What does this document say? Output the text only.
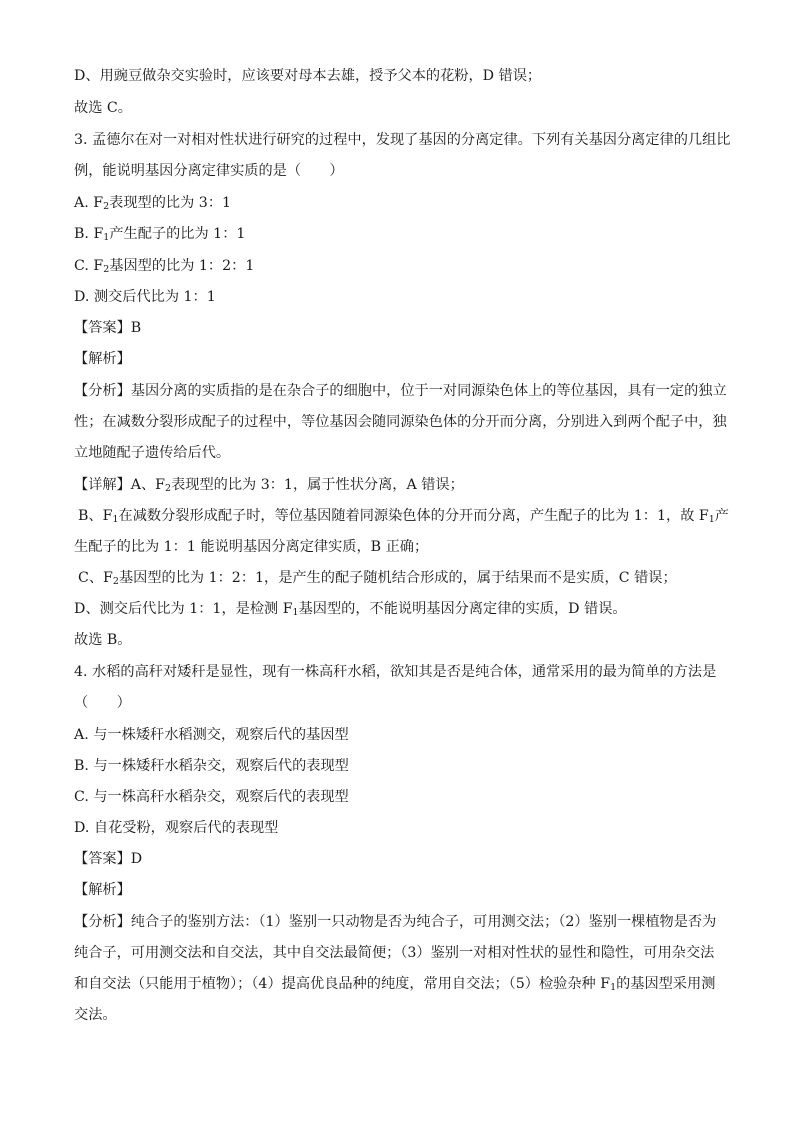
D、用豌豆做杂交实验时，应该要对母本去雄，授予父本的花粉，D 错误；
故选 C。
3. 孟德尔在对一对相对性状进行研究的过程中，发现了基因的分离定律。下列有关基因分离定律的几组比
例，能说明基因分离定律实质的是（　　）
A. $F_2$表现型的比为 3：1
B. $F_1$产生配子的比为 1：1
C. $F_2$基因型的比为 1：2：1
D. 测交后代比为 1：1
【答案】B
【解析】
【分析】基因分离的实质指的是在杂合子的细胞中，位于一对同源染色体上的等位基因，具有一定的独立
性；在减数分裂形成配子的过程中，等位基因会随同源染色体的分开而分离，分别进入到两个配子中，独
立地随配子遗传给后代。
【详解】A、$F_2$表现型的比为 3：1，属于性状分离，A 错误；
B、$F_1$在减数分裂形成配子时，等位基因随着同源染色体的分开而分离，产生配子的比为 1：1，故 $F_1$产
生配子的比为 1：1 能说明基因分离定律实质，B 正确；
C、$F_2$基因型的比为 1：2：1，是产生的配子随机结合形成的，属于结果而不是实质，C 错误；
D、测交后代比为 1：1，是检测 $F_1$基因型的，不能说明基因分离定律的实质，D 错误。
故选 B。
4. 水稻的高秆对矮秆是显性，现有一株高秆水稻，欲知其是否是纯合体，通常采用的最为简单的方法是
（　　）
A. 与一株矮秆水稻测交，观察后代的基因型
B. 与一株矮秆水稻杂交，观察后代的表现型
C. 与一株高秆水稻杂交，观察后代的表现型
D. 自花受粉，观察后代的表现型
【答案】D
【解析】
【分析】纯合子的鉴别方法：（1）鉴别一只动物是否为纯合子，可用测交法；（2）鉴别一棵植物是否为
纯合子，可用测交法和自交法，其中自交法最简便；（3）鉴别一对相对性状的显性和隐性，可用杂交法
和自交法（只能用于植物）；（4）提高优良品种的纯度，常用自交法；（5）检验杂种 $F_1$的基因型采用测
交法。
